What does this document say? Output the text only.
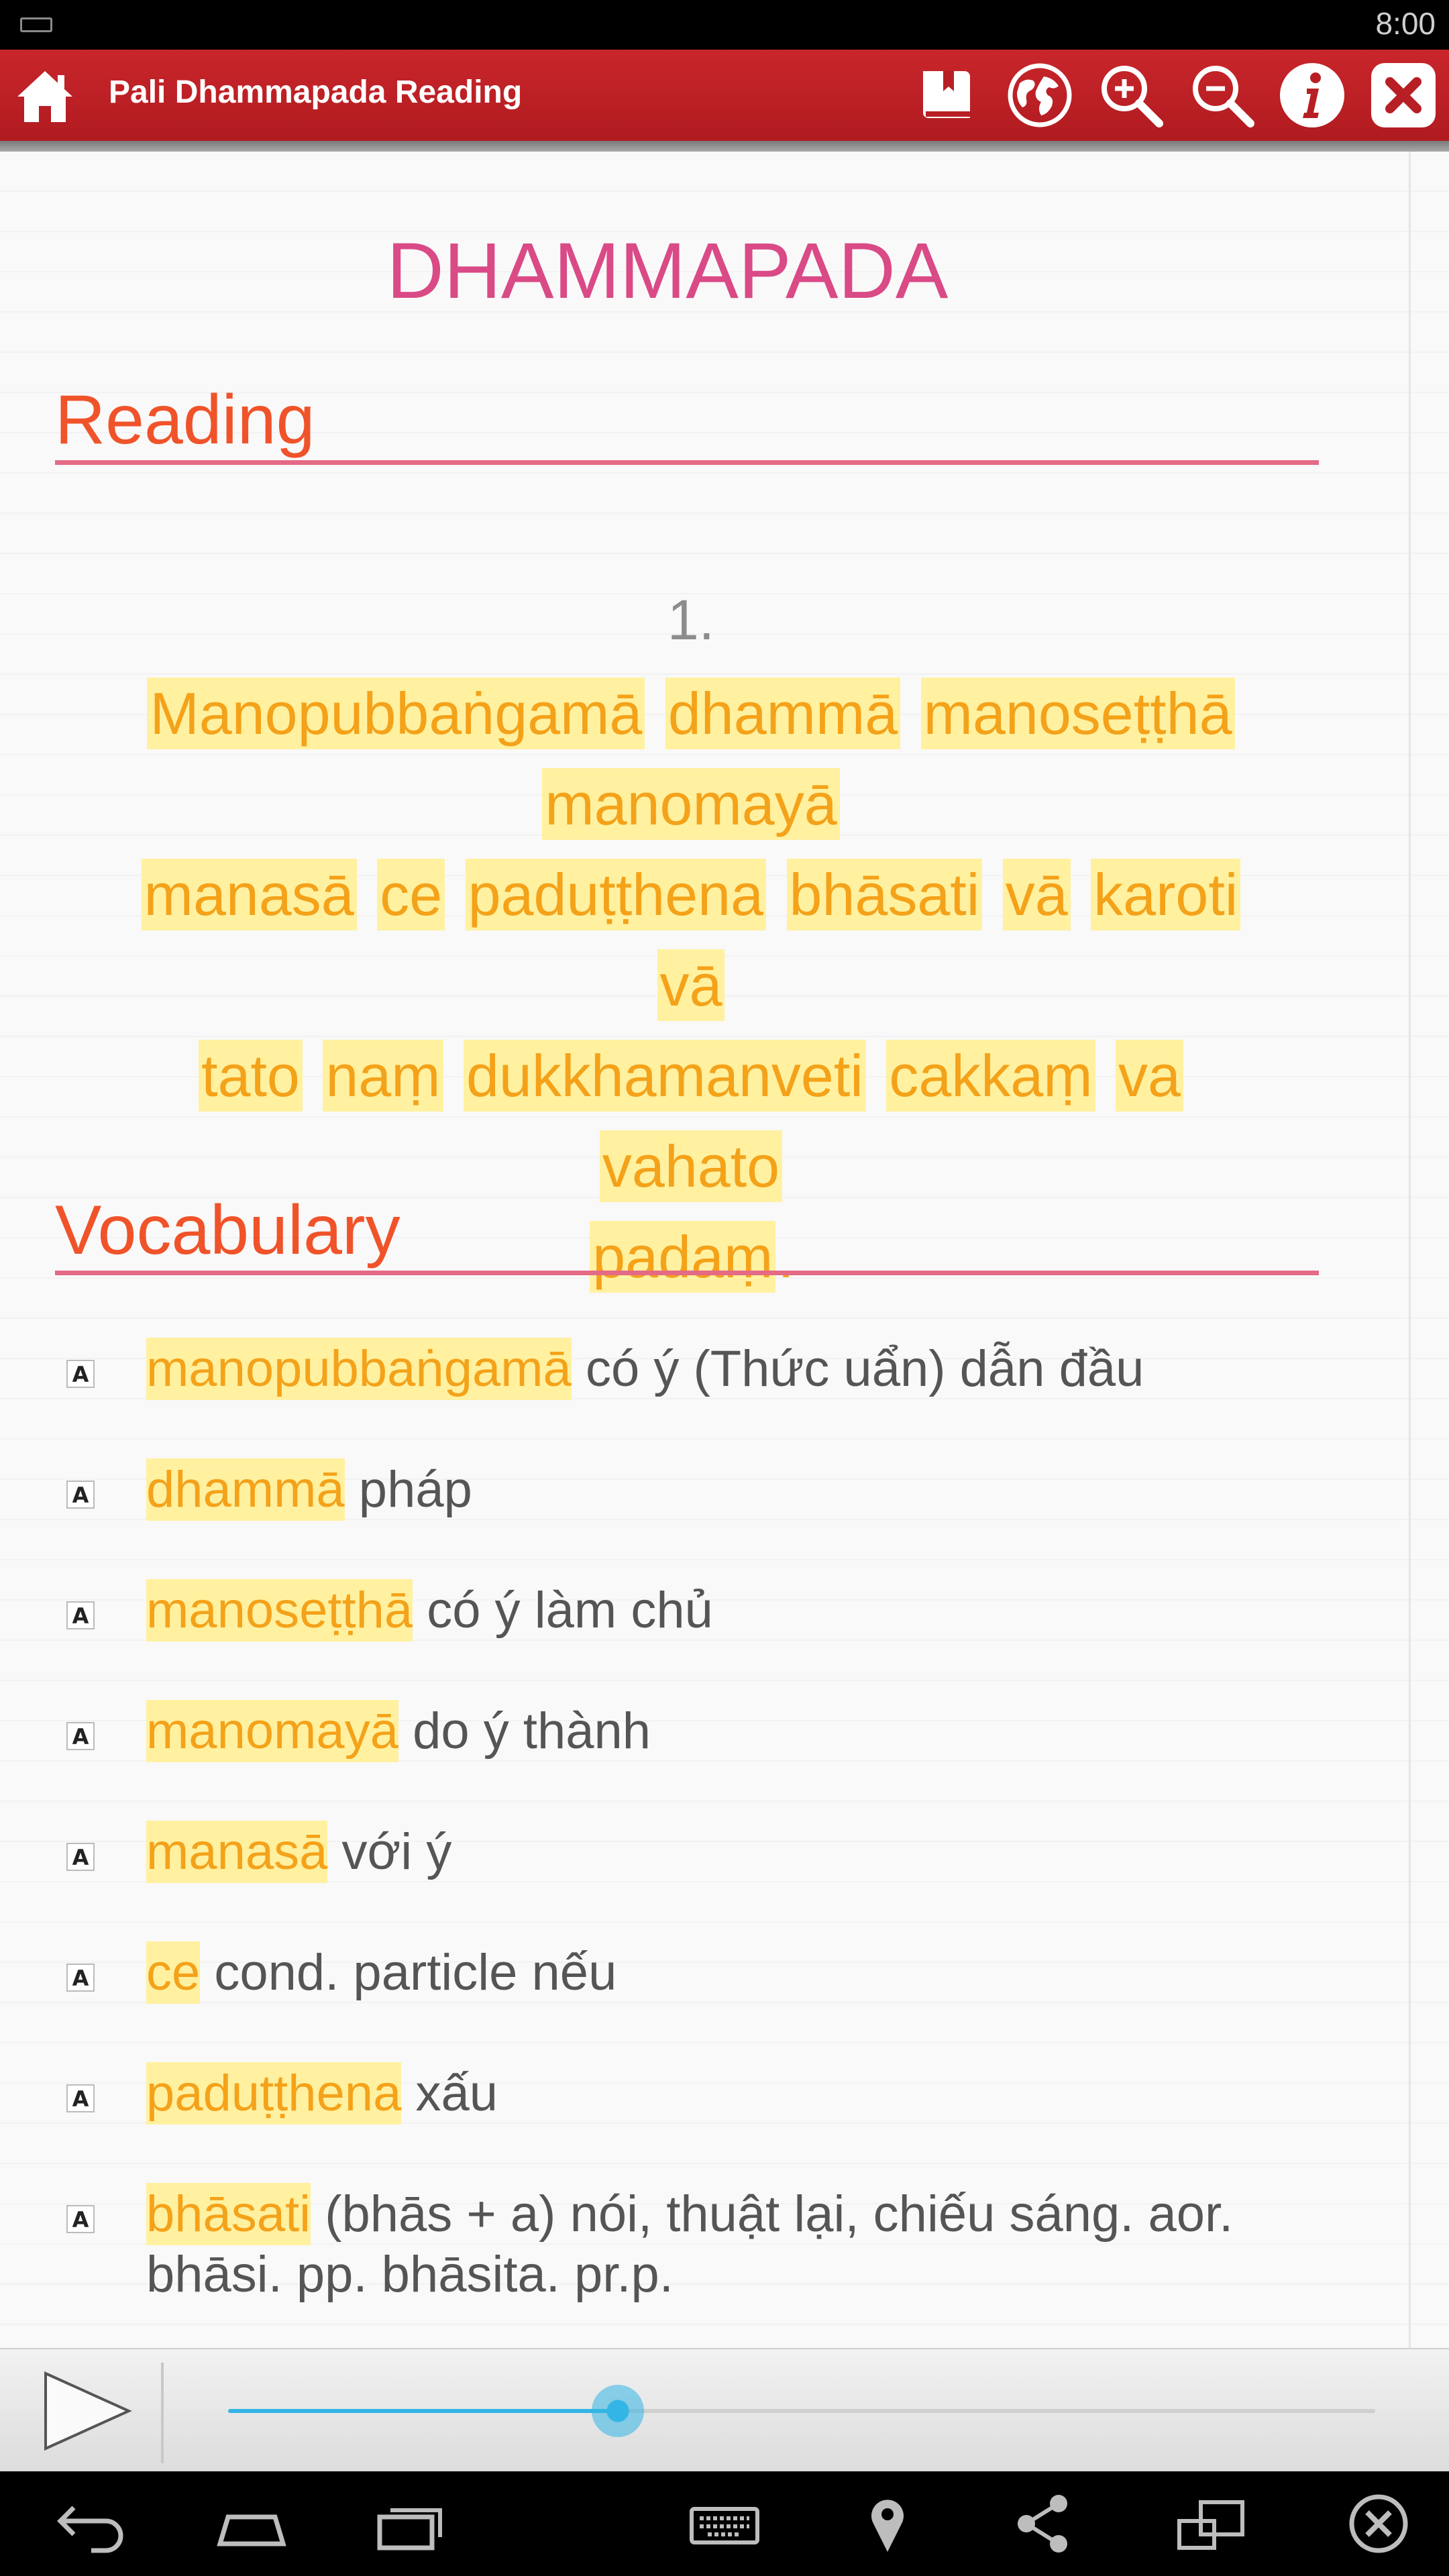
8:00
Pali Dhammapada Reading
DHAMMAPADA
Reading
1.
Manopubbaṅgamā dhammā manoseṭṭhā
manomayā
manasā ce paduṭṭhena bhāsati vā karoti vā
tato naṃ dukkhamanveti cakkaṃ va vahato
padaṃ.
Vocabulary
A manopubbaṅgamā có ý (Thức uẩn) dẫn đầu
A dhammā pháp
A manoseṭṭhā có ý làm chủ
A manomayā do ý thành
A manasā với ý
A ce cond. particle nếu
A paduṭṭhena xấu
A bhāsati (bhās + a) nói, thuật lại, chiếu sáng. aor. bhāsi. pp. bhāsita. pr.p.
